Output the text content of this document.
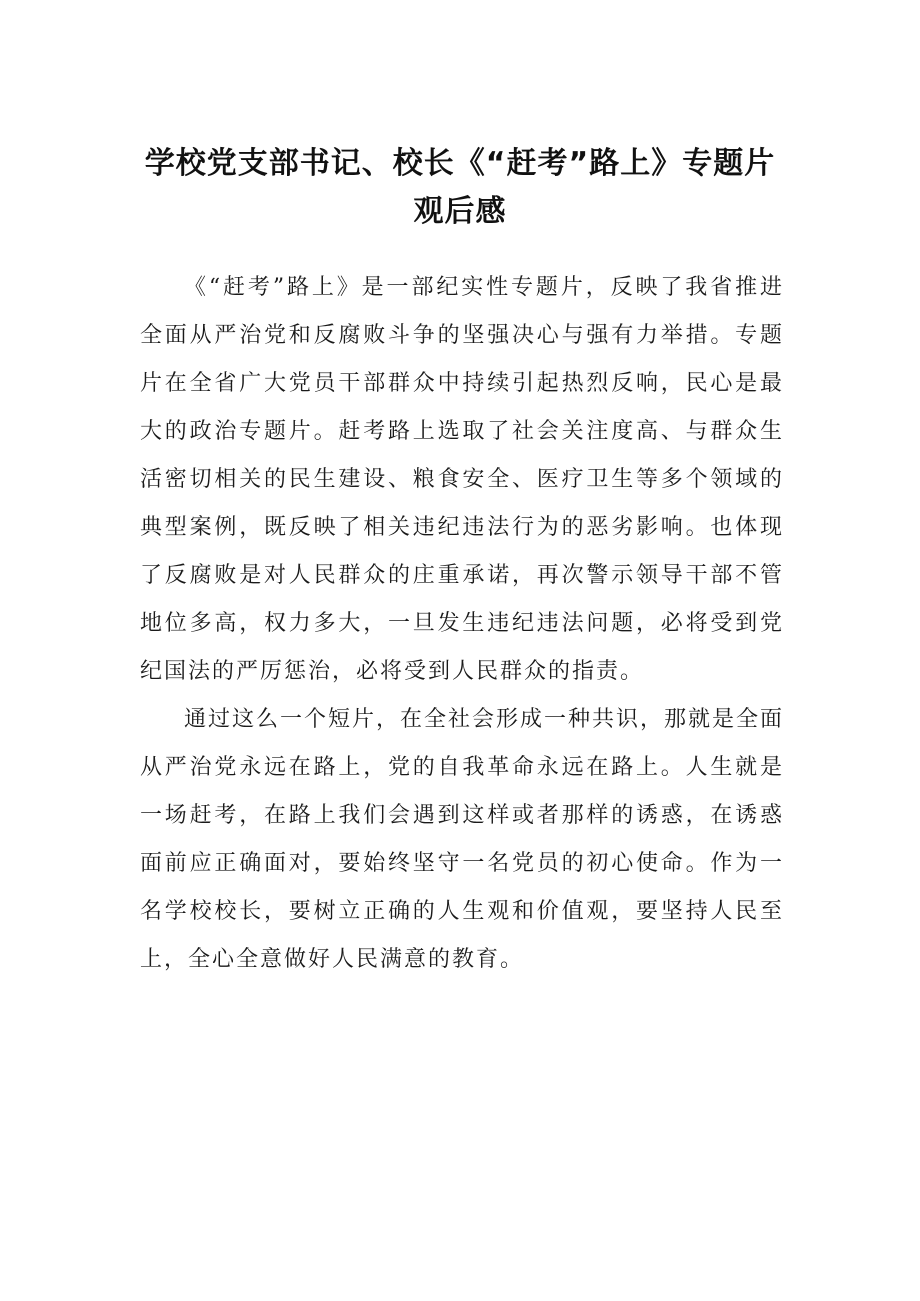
学校党支部书记、校长《“赶考”路上》专题片观后感

《“赶考”路上》是一部纪实性专题片，反映了我省推进全面从严治党和反腐败斗争的坚强决心与强有力举措。专题片在全省广大党员干部群众中持续引起热烈反响，民心是最大的政治专题片。赶考路上选取了社会关注度高、与群众生活密切相关的民生建设、粮食安全、医疗卫生等多个领域的典型案例，既反映了相关违纪违法行为的恶劣影响。也体现了反腐败是对人民群众的庄重承诺，再次警示领导干部不管地位多高，权力多大，一旦发生违纪违法问题，必将受到党纪国法的严厉惩治，必将受到人民群众的指责。

通过这么一个短片，在全社会形成一种共识，那就是全面从严治党永远在路上，党的自我革命永远在路上。人生就是一场赶考，在路上我们会遇到这样或者那样的诱惑，在诱惑面前应正确面对，要始终坚守一名党员的初心使命。作为一名学校校长，要树立正确的人生观和价值观，要坚持人民至上，全心全意做好人民满意的教育。
